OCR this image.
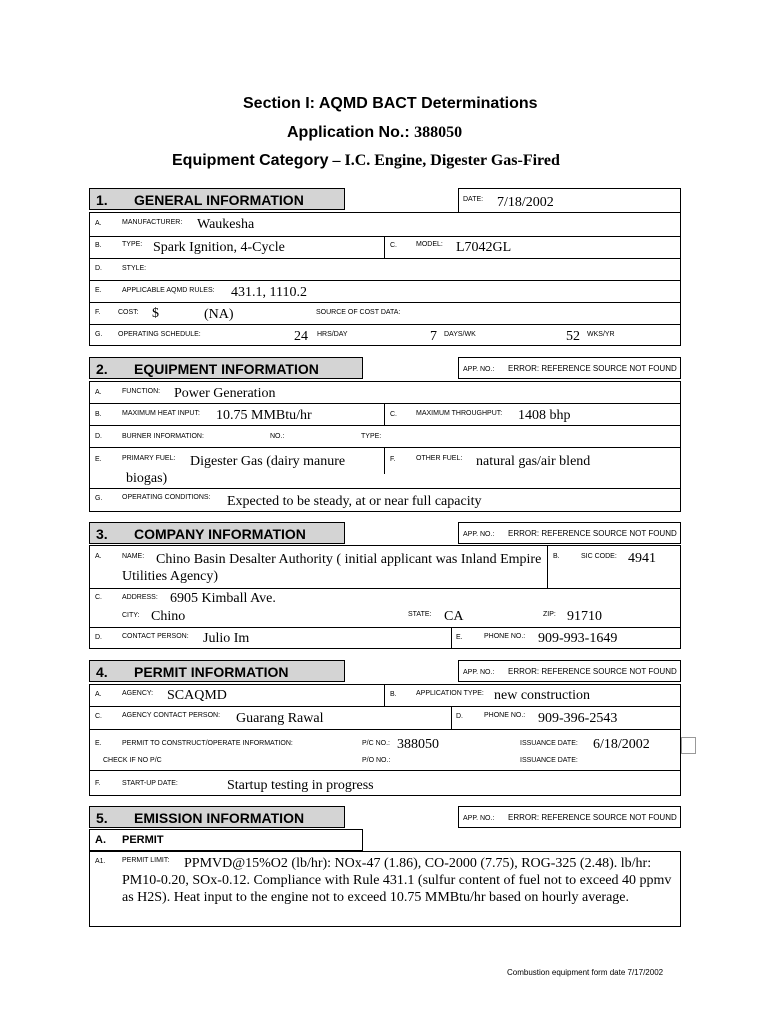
Section I: AQMD BACT Determinations
Application No.: 388050
Equipment Category – I.C. Engine, Digester Gas-Fired
1. GENERAL INFORMATION	DATE: 7/18/2002
A.	MANUFACTURER: Waukesha
B.	TYPE: Spark Ignition, 4-Cycle	C.	MODEL: L7042GL
D.	STYLE:
E.	APPLICABLE AQMD RULES: 431.1, 1110.2
F.	COST: $	(NA)	SOURCE OF COST DATA:
G. OPERATING SCHEDULE:	24 HRS/DAY	7 DAYS/WK	52 WKS/YR
2. EQUIPMENT INFORMATION	APP. NO.: ERROR: REFERENCE SOURCE NOT FOUND
A.	FUNCTION: Power Generation
B.	MAXIMUM HEAT INPUT: 10.75 MMBtu/hr	C.	MAXIMUM THROUGHPUT: 1408 bhp
D.	BURNER INFORMATION:	NO.:	TYPE:
E.	PRIMARY FUEL: Digester Gas (dairy manure
biogas)
F.	OTHER FUEL: natural gas/air blend
G.	OPERATING CONDITIONS: Expected to be steady, at or near full capacity
3. COMPANY INFORMATION	APP. NO.: ERROR: REFERENCE SOURCE NOT FOUND
A.	NAME: Chino Basin Desalter Authority ( initial applicant was Inland Empire Utilities Agency)
B.	SIC CODE: 4941
C.	ADDRESS: 6905 Kimball Ave.
CITY: Chino	STATE: CA	ZIP: 91710
D.	CONTACT PERSON: Julio Im	E.	PHONE NO.: 909-993-1649
4. PERMIT INFORMATION	APP. NO.: ERROR: REFERENCE SOURCE NOT FOUND
A.	AGENCY: SCAQMD	B.	APPLICATION TYPE: new construction
C.	AGENCY CONTACT PERSON: Guarang Rawal	D.	PHONE NO.: 909-396-2543
E.	PERMIT TO CONSTRUCT/OPERATE INFORMATION:	P/C NO.: 388050	ISSUANCE DATE: 6/18/2002
CHECK IF NO P/C	P/O NO.:	ISSUANCE DATE:
F.	START-UP DATE:	Startup testing in progress
5. EMISSION INFORMATION	APP. NO.: ERROR: REFERENCE SOURCE NOT FOUND
A. PERMIT
A1. PERMIT LIMIT:	PPMVD@15%O2 (lb/hr): NOx-47 (1.86), CO-2000 (7.75), ROG-325 (2.48). lb/hr: PM10-0.20, SOx-0.12. Compliance with Rule 431.1 (sulfur content of fuel not to exceed 40 ppmv as H2S). Heat input to the engine not to exceed 10.75 MMBtu/hr based on hourly average.
Combustion equipment form date 7/17/2002
